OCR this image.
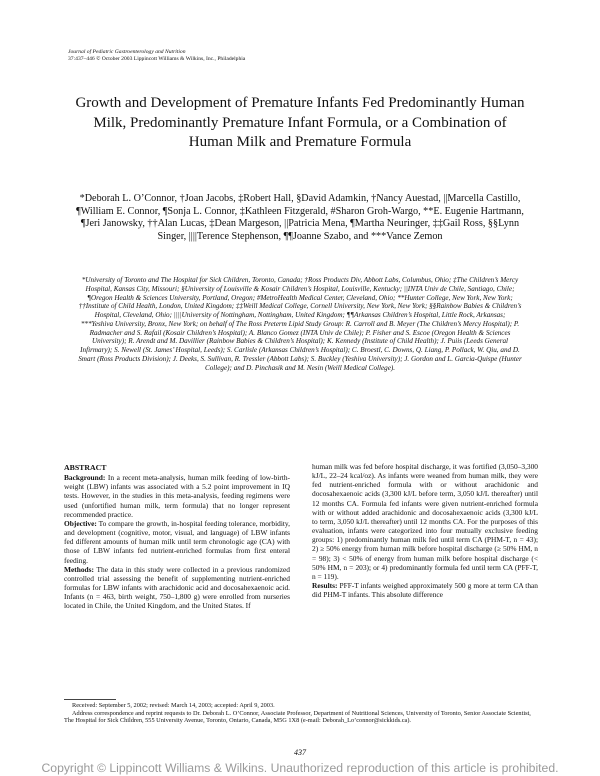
Journal of Pediatric Gastroenterology and Nutrition
37:437–446 © October 2003 Lippincott Williams & Wilkins, Inc., Philadelphia
Growth and Development of Premature Infants Fed Predominantly Human Milk, Predominantly Premature Infant Formula, or a Combination of Human Milk and Premature Formula
*Deborah L. O’Connor, †Joan Jacobs, ‡Robert Hall, §David Adamkin, †Nancy Auestad, ||Marcella Castillo, ¶William E. Connor, ¶Sonja L. Connor, ‡Kathleen Fitzgerald, #Sharon Groh-Wargo, **E. Eugenie Hartmann, ¶Jeri Janowsky, ††Alan Lucas, ‡Dean Margeson, ||Patricia Mena, ¶Martha Neuringer, ‡‡Gail Ross, §§Lynn Singer, ||||Terence Stephenson, ¶¶Joanne Szabo, and ***Vance Zemon
*University of Toronto and The Hospital for Sick Children, Toronto, Canada; †Ross Products Div, Abbott Labs, Columbus, Ohio; ‡The Children’s Mercy Hospital, Kansas City, Missouri; §University of Louisville & Kosair Children’s Hospital, Louisville, Kentucky; ||INTA Univ de Chile, Santiago, Chile; ¶Oregon Health & Sciences University, Portland, Oregon; #MetroHealth Medical Center, Cleveland, Ohio; **Hunter College, New York, New York; ††Institute of Child Health, London, United Kingdom; ‡‡Weill Medical College, Cornell University, New York, New York; §§Rainbow Babies & Children’s Hospital, Cleveland, Ohio; ||||University of Nottingham, Nottingham, United Kingdom; ¶¶Arkansas Children’s Hospital, Little Rock, Arkansas; ***Yeshiva University, Bronx, New York; on behalf of The Ross Preterm Lipid Study Group: R. Carroll and B. Meyer (The Children’s Mercy Hospital); P. Radmacher and S. Rafail (Kosair Children’s Hospital); A. Blanco Gomez (INTA Univ de Chile); P. Fisher and S. Escoe (Oregon Health & Sciences University); R. Arendt and M. Davillier (Rainbow Babies & Children’s Hospital); K. Kennedy (Institute of Child Health); J. Puiis (Leeds General Infirmary); S. Newell (St. James’ Hospital, Leeds); S. Carlisle (Arkansas Children’s Hospital); C. Broestl, C. Downs, Q. Liang, P. Pollack, W. Qiu, and D. Smart (Ross Products Division); J. Deeks, S. Sullivan, R. Tressler (Abbott Labs); S. Buckley (Yeshiva University); J. Gordon and L. Garcia-Quispe (Hunter College); and D. Pinchasik and M. Nesin (Weill Medical College).
ABSTRACT

Background: In a recent meta-analysis, human milk feeding of low-birth-weight (LBW) infants was associated with a 5.2 point improvement in IQ tests. However, in the studies in this meta-analysis, feeding regimens were used (unfortified human milk, term formula) that no longer represent recommended practice.

Objective: To compare the growth, in-hospital feeding tolerance, morbidity, and development (cognitive, motor, visual, and language) of LBW infants fed different amounts of human milk until term chronologic age (CA) with those of LBW infants fed nutrient-enriched formulas from first enteral feeding.

Methods: The data in this study were collected in a previous randomized controlled trial assessing the benefit of supplementing nutrient-enriched formulas for LBW infants with arachidonic acid and docosahexaenoic acid. Infants (n = 463, birth weight, 750–1,800 g) were enrolled from nurseries located in Chile, the United Kingdom, and the United States. If

human milk was fed before hospital discharge, it was fortified (3,050–3,300 kJ/L, 22–24 kcal/oz). As infants were weaned from human milk, they were fed nutrient-enriched formula with or without arachidonic and docosahexaenoic acids (3,300 kJ/L before term, 3,050 kJ/L thereafter) until 12 months CA. Formula fed infants were given nutrient-enriched formula with or without added arachidonic and docosahexaenoic acids (3,300 kJ/L to term, 3,050 kJ/L thereafter) until 12 months CA. For the purposes of this evaluation, infants were categorized into four mutually exclusive feeding groups: 1) predominantly human milk fed until term CA (PHM-T, n = 43); 2) ≥ 50% energy from human milk before hospital discharge (≥ 50% HM, n = 98); 3) < 50% of energy from human milk before hospital discharge (< 50% HM, n = 203); or 4) predominantly formula fed until term CA (PFF-T, n = 119).

Results: PFF-T infants weighed approximately 500 g more at term CA than did PHM-T infants. This absolute difference

Received: September 5, 2002; revised: March 14, 2003; accepted: April 9, 2003.

Address correspondence and reprint requests to Dr. Deborah L. O’Connor, Associate Professor, Department of Nutritional Sciences, University of Toronto, Senior Associate Scientist, The Hospital for Sick Children, 555 University Avenue, Toronto, Ontario, Canada, M5G 1X8 (e-mail: Deborah_Lo’connor@sickkids.ca).

437
Copyright © Lippincott Williams & Wilkins. Unauthorized reproduction of this article is prohibited.
